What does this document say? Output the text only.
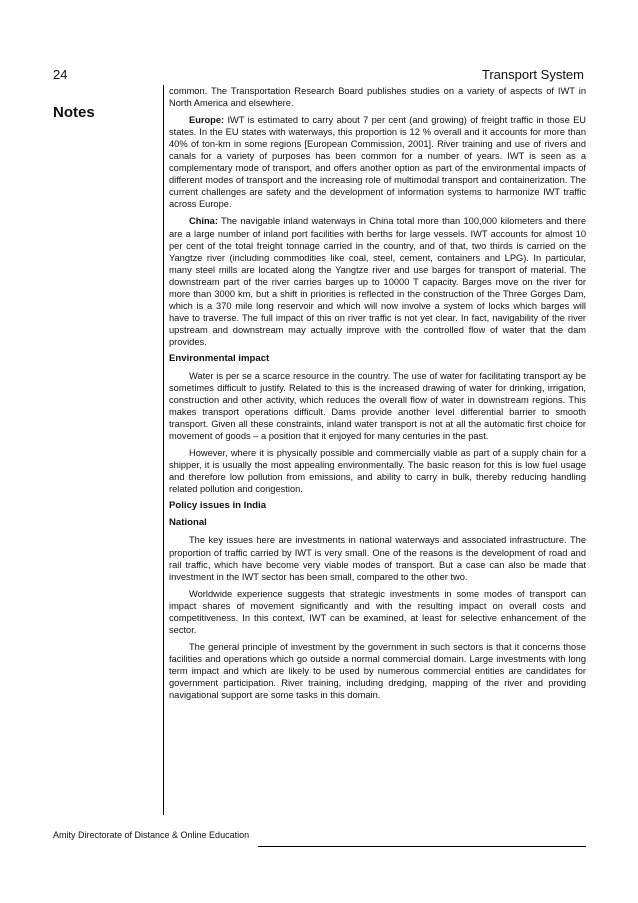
24	Transport System
Notes

common. The Transportation Research Board publishes studies on a variety of aspects of IWT in North America and elsewhere.

Europe: IWT is estimated to carry about 7 per cent (and growing) of freight traffic in those EU states. In the EU states with waterways, this proportion is 12 % overall and it accounts for more than 40% of ton-km in some regions [European Commission, 2001]. River training and use of rivers and canals for a variety of purposes has been common for a number of years. IWT is seen as a complementary mode of transport, and offers another option as part of the environmental impacts of different modes of transport and the increasing role of multimodal transport and containerization. The current challenges are safety and the development of information systems to harmonize IWT traffic across Europe.

China: The navigable inland waterways in China total more than 100,000 kilometers and there are a large number of inland port facilities with berths for large vessels. IWT accounts for almost 10 per cent of the total freight tonnage carried in the country, and of that, two thirds is carried on the Yangtze river (including commodities like coal, steel, cement, containers and LPG). In particular, many steel mills are located along the Yangtze river and use barges for transport of material. The downstream part of the river carries barges up to 10000 T capacity. Barges move on the river for more than 3000 km, but a shift in priorities is reflected in the construction of the Three Gorges Dam, which is a 370 mile long reservoir and which will now involve a system of locks which barges will have to traverse. The full impact of this on river traffic is not yet clear. In fact, navigability of the river upstream and downstream may actually improve with the controlled flow of water that the dam provides.

Environmental impact

Water is per se a scarce resource in the country. The use of water for facilitating transport ay be sometimes difficult to justify. Related to this is the increased drawing of water for drinking, irrigation, construction and other activity, which reduces the overall flow of water in downstream regions. This makes transport operations difficult. Dams provide another level differential barrier to smooth transport. Given all these constraints, inland water transport is not at all the automatic first choice for movement of goods – a position that it enjoyed for many centuries in the past.

However, where it is physically possible and commercially viable as part of a supply chain for a shipper, it is usually the most appealing environmentally. The basic reason for this is low fuel usage and therefore low pollution from emissions, and ability to carry in bulk, thereby reducing handling related pollution and congestion.

Policy issues in India
National

The key issues here are investments in national waterways and associated infrastructure. The proportion of traffic carried by IWT is very small. One of the reasons is the development of road and rail traffic, which have become very viable modes of transport. But a case can also be made that investment in the IWT sector has been small, compared to the other two.

Worldwide experience suggests that strategic investments in some modes of transport can impact shares of movement significantly and with the resulting impact on overall costs and competitiveness. In this context, IWT can be examined, at least for selective enhancement of the sector.

The general principle of investment by the government in such sectors is that it concerns those facilities and operations which go outside a normal commercial domain. Large investments with long term impact and which are likely to be used by numerous commercial entities are candidates for government participation. River training, including dredging, mapping of the river and providing navigational support are some tasks in this domain.

Amity Directorate of Distance & Online Education
